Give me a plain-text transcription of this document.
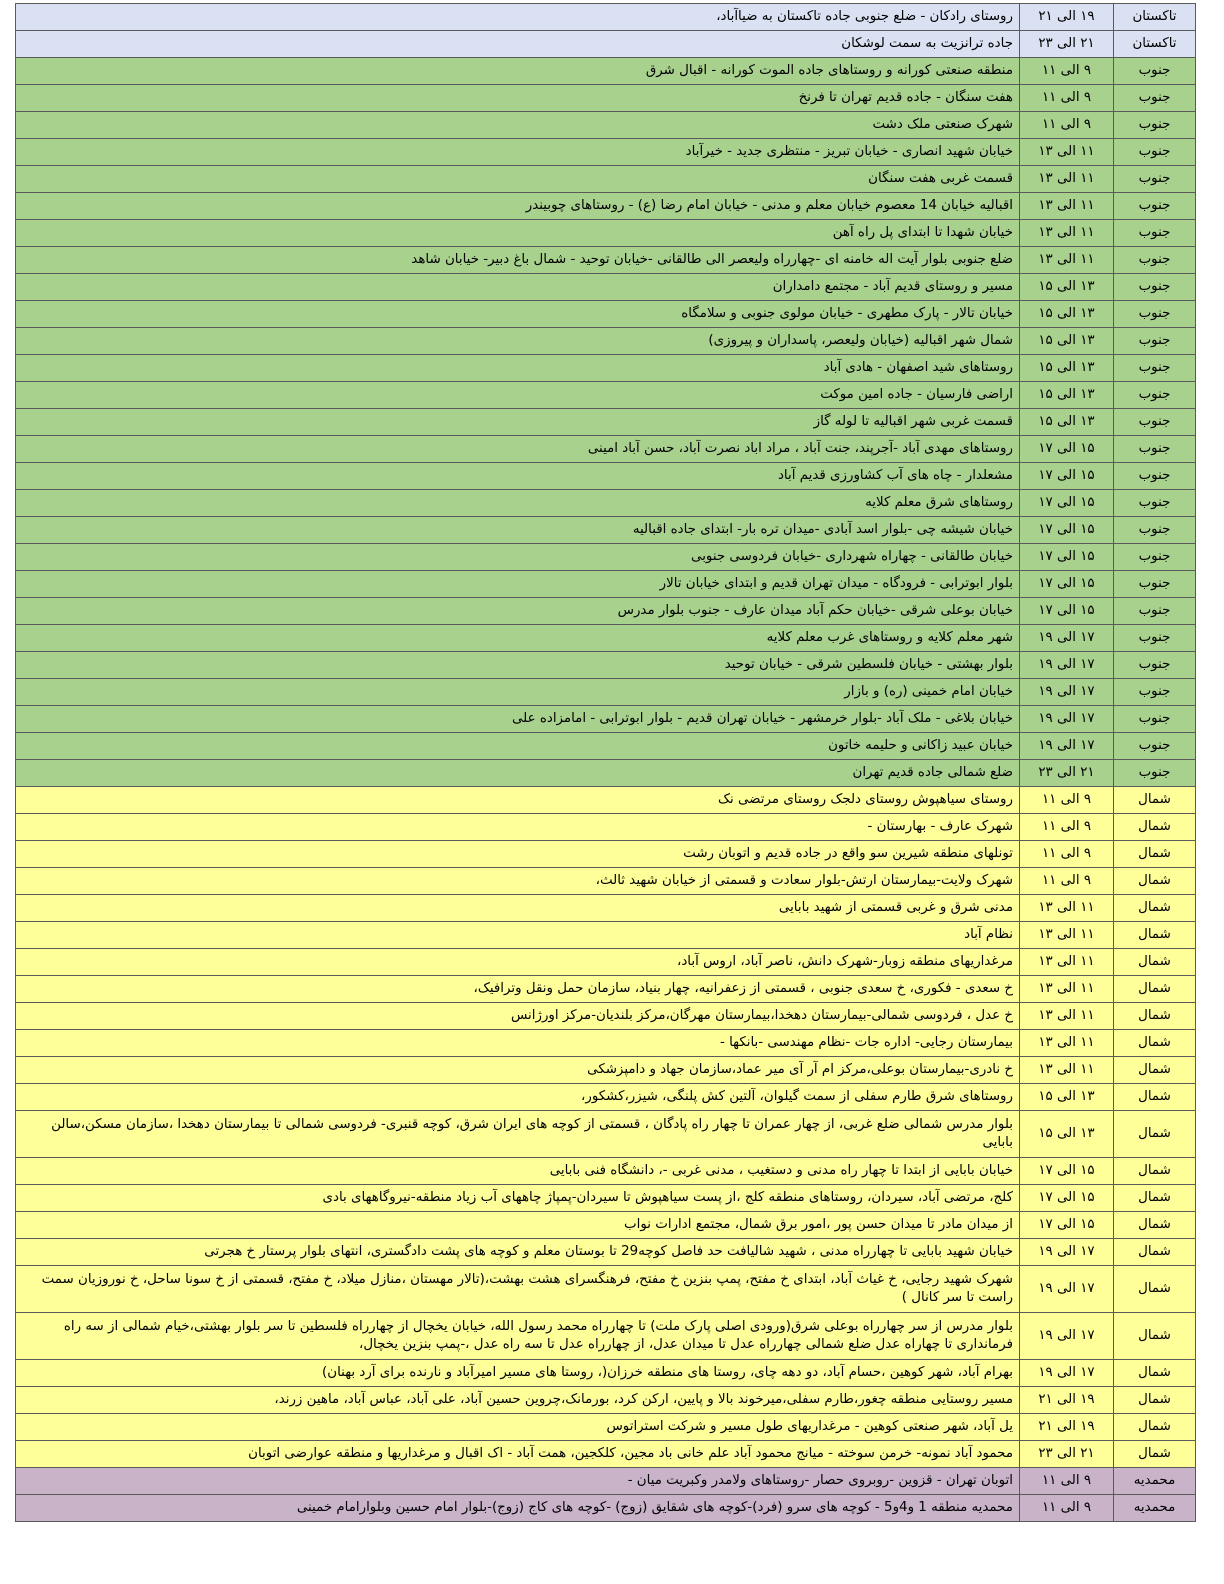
تاکستان	۱۹ الی ۲۱	روستای رادکان - ضلع جنوبی جاده تاکستان به ضیاآباد،
تاکستان	۲۱ الی ۲۳	جاده ترانزیت به سمت لوشکان
جنوب	۹ الی ۱۱	منطقه صنعتی کورانه و روستاهای جاده الموت کورانه - اقبال شرق
جنوب	۹ الی ۱۱	هفت سنگان - جاده قدیم تهران تا فرنخ
جنوب	۹ الی ۱۱	شهرک صنعتی ملک دشت
جنوب	۱۱ الی ۱۳	خیابان شهید انصاری - خیابان تبریز - منتظری جدید - خیرآباد
جنوب	۱۱ الی ۱۳	قسمت غربی هفت سنگان
جنوب	۱۱ الی ۱۳	اقبالیه خیابان 14 معصوم خیابان معلم و مدنی - خیابان امام رضا (ع) - روستاهای چوبیندر
جنوب	۱۱ الی ۱۳	خیابان شهدا تا ابتدای پل راه آهن
جنوب	۱۱ الی ۱۳	ضلع جنوبی بلوار آیت اله خامنه ای -چهارراه ولیعصر الی طالقانی -خیابان توحید - شمال باغ دبیر- خیابان شاهد
جنوب	۱۳ الی ۱۵	مسیر و روستای قدیم آباد - مجتمع دامداران
جنوب	۱۳ الی ۱۵	خیابان تالار - پارک مطهری - خیابان مولوی جنوبی و سلامگاه
جنوب	۱۳ الی ۱۵	شمال شهر اقبالیه (خیابان ولیعصر، پاسداران و پیروزی)
جنوب	۱۳ الی ۱۵	روستاهای شید اصفهان - هادی آباد
جنوب	۱۳ الی ۱۵	اراضی فارسیان - جاده امین موکت
جنوب	۱۳ الی ۱۵	قسمت غربی شهر اقبالیه تا لوله گاز
جنوب	۱۵ الی ۱۷	روستاهای مهدی آباد -آجرپند، جنت آباد ، مراد اباد نصرت آباد، حسن آباد امینی
جنوب	۱۵ الی ۱۷	مشعلدار - چاه های آب کشاورزی قدیم آباد
جنوب	۱۵ الی ۱۷	روستاهای شرق معلم کلایه
جنوب	۱۵ الی ۱۷	خیابان شیشه چی -بلوار اسد آبادی -میدان تره بار- ابتدای جاده اقبالیه
جنوب	۱۵ الی ۱۷	خیابان طالقانی - چهاراه شهرداری -خیابان فردوسی جنوبی
جنوب	۱۵ الی ۱۷	بلوار ابوترابی - فرودگاه - میدان تهران قدیم و ابتدای خیابان تالار
جنوب	۱۵ الی ۱۷	خیابان بوعلی شرقی -خیابان حکم آباد میدان عارف - جنوب بلوار مدرس
جنوب	۱۷ الی ۱۹	شهر معلم کلایه و روستاهای غرب معلم کلایه
جنوب	۱۷ الی ۱۹	بلوار بهشتی - خیابان فلسطین شرقی - خیابان توحید
جنوب	۱۷ الی ۱۹	خیابان امام خمینی (ره) و بازار
جنوب	۱۷ الی ۱۹	خیابان بلاغی - ملک آباد -بلوار خرمشهر - خیابان تهران قدیم - بلوار ابوترابی - امامزاده علی
جنوب	۱۷ الی ۱۹	خیابان عبید زاکانی و حلیمه خاتون
جنوب	۲۱ الی ۲۳	ضلع شمالی جاده قدیم تهران
شمال	۹ الی ۱۱	روستای سیاهپوش روستای دلجک روستای مرتضی نک
شمال	۹ الی ۱۱	شهرک عارف - بهارستان -
شمال	۹ الی ۱۱	تونلهای منطقه شیرین سو واقع در جاده قدیم و اتوبان رشت
شمال	۹ الی ۱۱	شهرک ولایت-بیمارستان ارتش-بلوار سعادت و قسمتی از خیابان شهید ثالث،
شمال	۱۱ الی ۱۳	مدنی شرق و غربی قسمتی از شهید بابایی
شمال	۱۱ الی ۱۳	نظام آباد
شمال	۱۱ الی ۱۳	مرغداریهای منطقه زوبار-شهرک دانش، ناصر آباد، اروس آباد،
شمال	۱۱ الی ۱۳	خ سعدی - فکوری، خ سعدی جنوبی ، قسمتی از زعفرانیه، چهار بنیاد، سازمان حمل ونقل وترافیک،
شمال	۱۱ الی ۱۳	خ عدل ، فردوسی شمالی-بیمارستان دهخدا،بیمارستان مهرگان،مرکز بلندیان-مرکز اورژانس
شمال	۱۱ الی ۱۳	بیمارستان رجایی- اداره جات -نظام مهندسی -بانکها -
شمال	۱۱ الی ۱۳	خ نادری-بیمارستان بوعلی،مرکز ام آر آی میر عماد،سازمان جهاد و دامپزشکی
شمال	۱۳ الی ۱۵	روستاهای شرق طارم سفلی از سمت گیلوان، آلتین کش پلنگی، شیزر،کشکور،
شمال	۱۳ الی ۱۵	بلوار مدرس شمالی ضلع غربی، از چهار عمران تا چهار راه پادگان ، قسمتی از کوچه های ایران شرق، کوچه قنبری- فردوسی شمالی تا بیمارستان دهخدا ،سازمان مسکن،سالن بابایی
شمال	۱۵ الی ۱۷	خیابان بابایی از ابتدا تا چهار راه مدنی و دستغیب ، مدنی غربی -، دانشگاه فنی بابایی
شمال	۱۵ الی ۱۷	کلج، مرتضی آباد، سیردان، روستاهای منطقه کلج ،از پست سیاهپوش تا سیردان-پمپاژ چاههای آب زیاد منطقه-نیروگاههای بادی
شمال	۱۵ الی ۱۷	از میدان مادر تا میدان حسن پور ،امور برق شمال، مجتمع ادارات نواب
شمال	۱۷ الی ۱۹	خیابان شهید بابایی تا چهارراه مدنی ، شهید شالیافت حد فاصل کوچه29 تا بوستان معلم و کوچه های پشت دادگستری، انتهای بلوار پرستار خ هجرتی
شمال	۱۷ الی ۱۹	شهرک شهید رجایی، خ غیاث آباد، ابتدای خ مفتح، پمپ بنزین خ مفتح، فرهنگسرای هشت بهشت،(تالار مهستان ،منازل میلاد، خ مفتح، قسمتی از خ سونا ساحل، خ نوروزیان سمت راست تا سر کانال )
شمال	۱۷ الی ۱۹	بلوار مدرس از سر چهارراه بوعلی شرق(ورودی اصلی پارک ملت) تا چهارراه محمد رسول الله، خیابان یخچال از چهارراه فلسطین تا سر بلوار بهشتی،خیام شمالی از سه راه فرمانداری تا چهاراه عدل ضلع شمالی چهارراه عدل تا میدان عدل، از چهارراه عدل تا سه راه عدل ،-پمپ بنزین یخچال،
شمال	۱۷ الی ۱۹	بهرام آباد، شهر کوهین ،حسام آباد، دو دهه چای، روستا های منطقه خرزان(، روستا های مسیر امیرآباد و نارنده برای آرد بهنان)
شمال	۱۹ الی ۲۱	مسیر روستایی منطقه چغور،طارم سفلی،میرخوند بالا و پایین، ارکن کرد، بورمانک،چروین حسین آباد، علی آباد، عباس آباد، ماهین زرند،
شمال	۱۹ الی ۲۱	یل آباد، شهر صنعتی کوهین - مرغداریهای طول مسیر و شرکت استراتوس
شمال	۲۱ الی ۲۳	محمود آباد نمونه- خرمن سوخته - میانج محمود آباد علم خانی باد مجین، کلکجین، همت آباد - اک اقبال و مرغداریها و منطقه عوارضی اتوبان
محمدیه	۹ الی ۱۱	اتوبان تهران - قزوین -روبروی حصار -روستاهای ولامدر وکبریت میان -
محمدیه	۹ الی ۱۱	محمدیه منطقه 1 و4و5 - کوچه های سرو (فرد)-کوچه های شقایق (زوج) -کوچه های کاج (زوج)-بلوار امام حسین وبلوارامام خمینی
